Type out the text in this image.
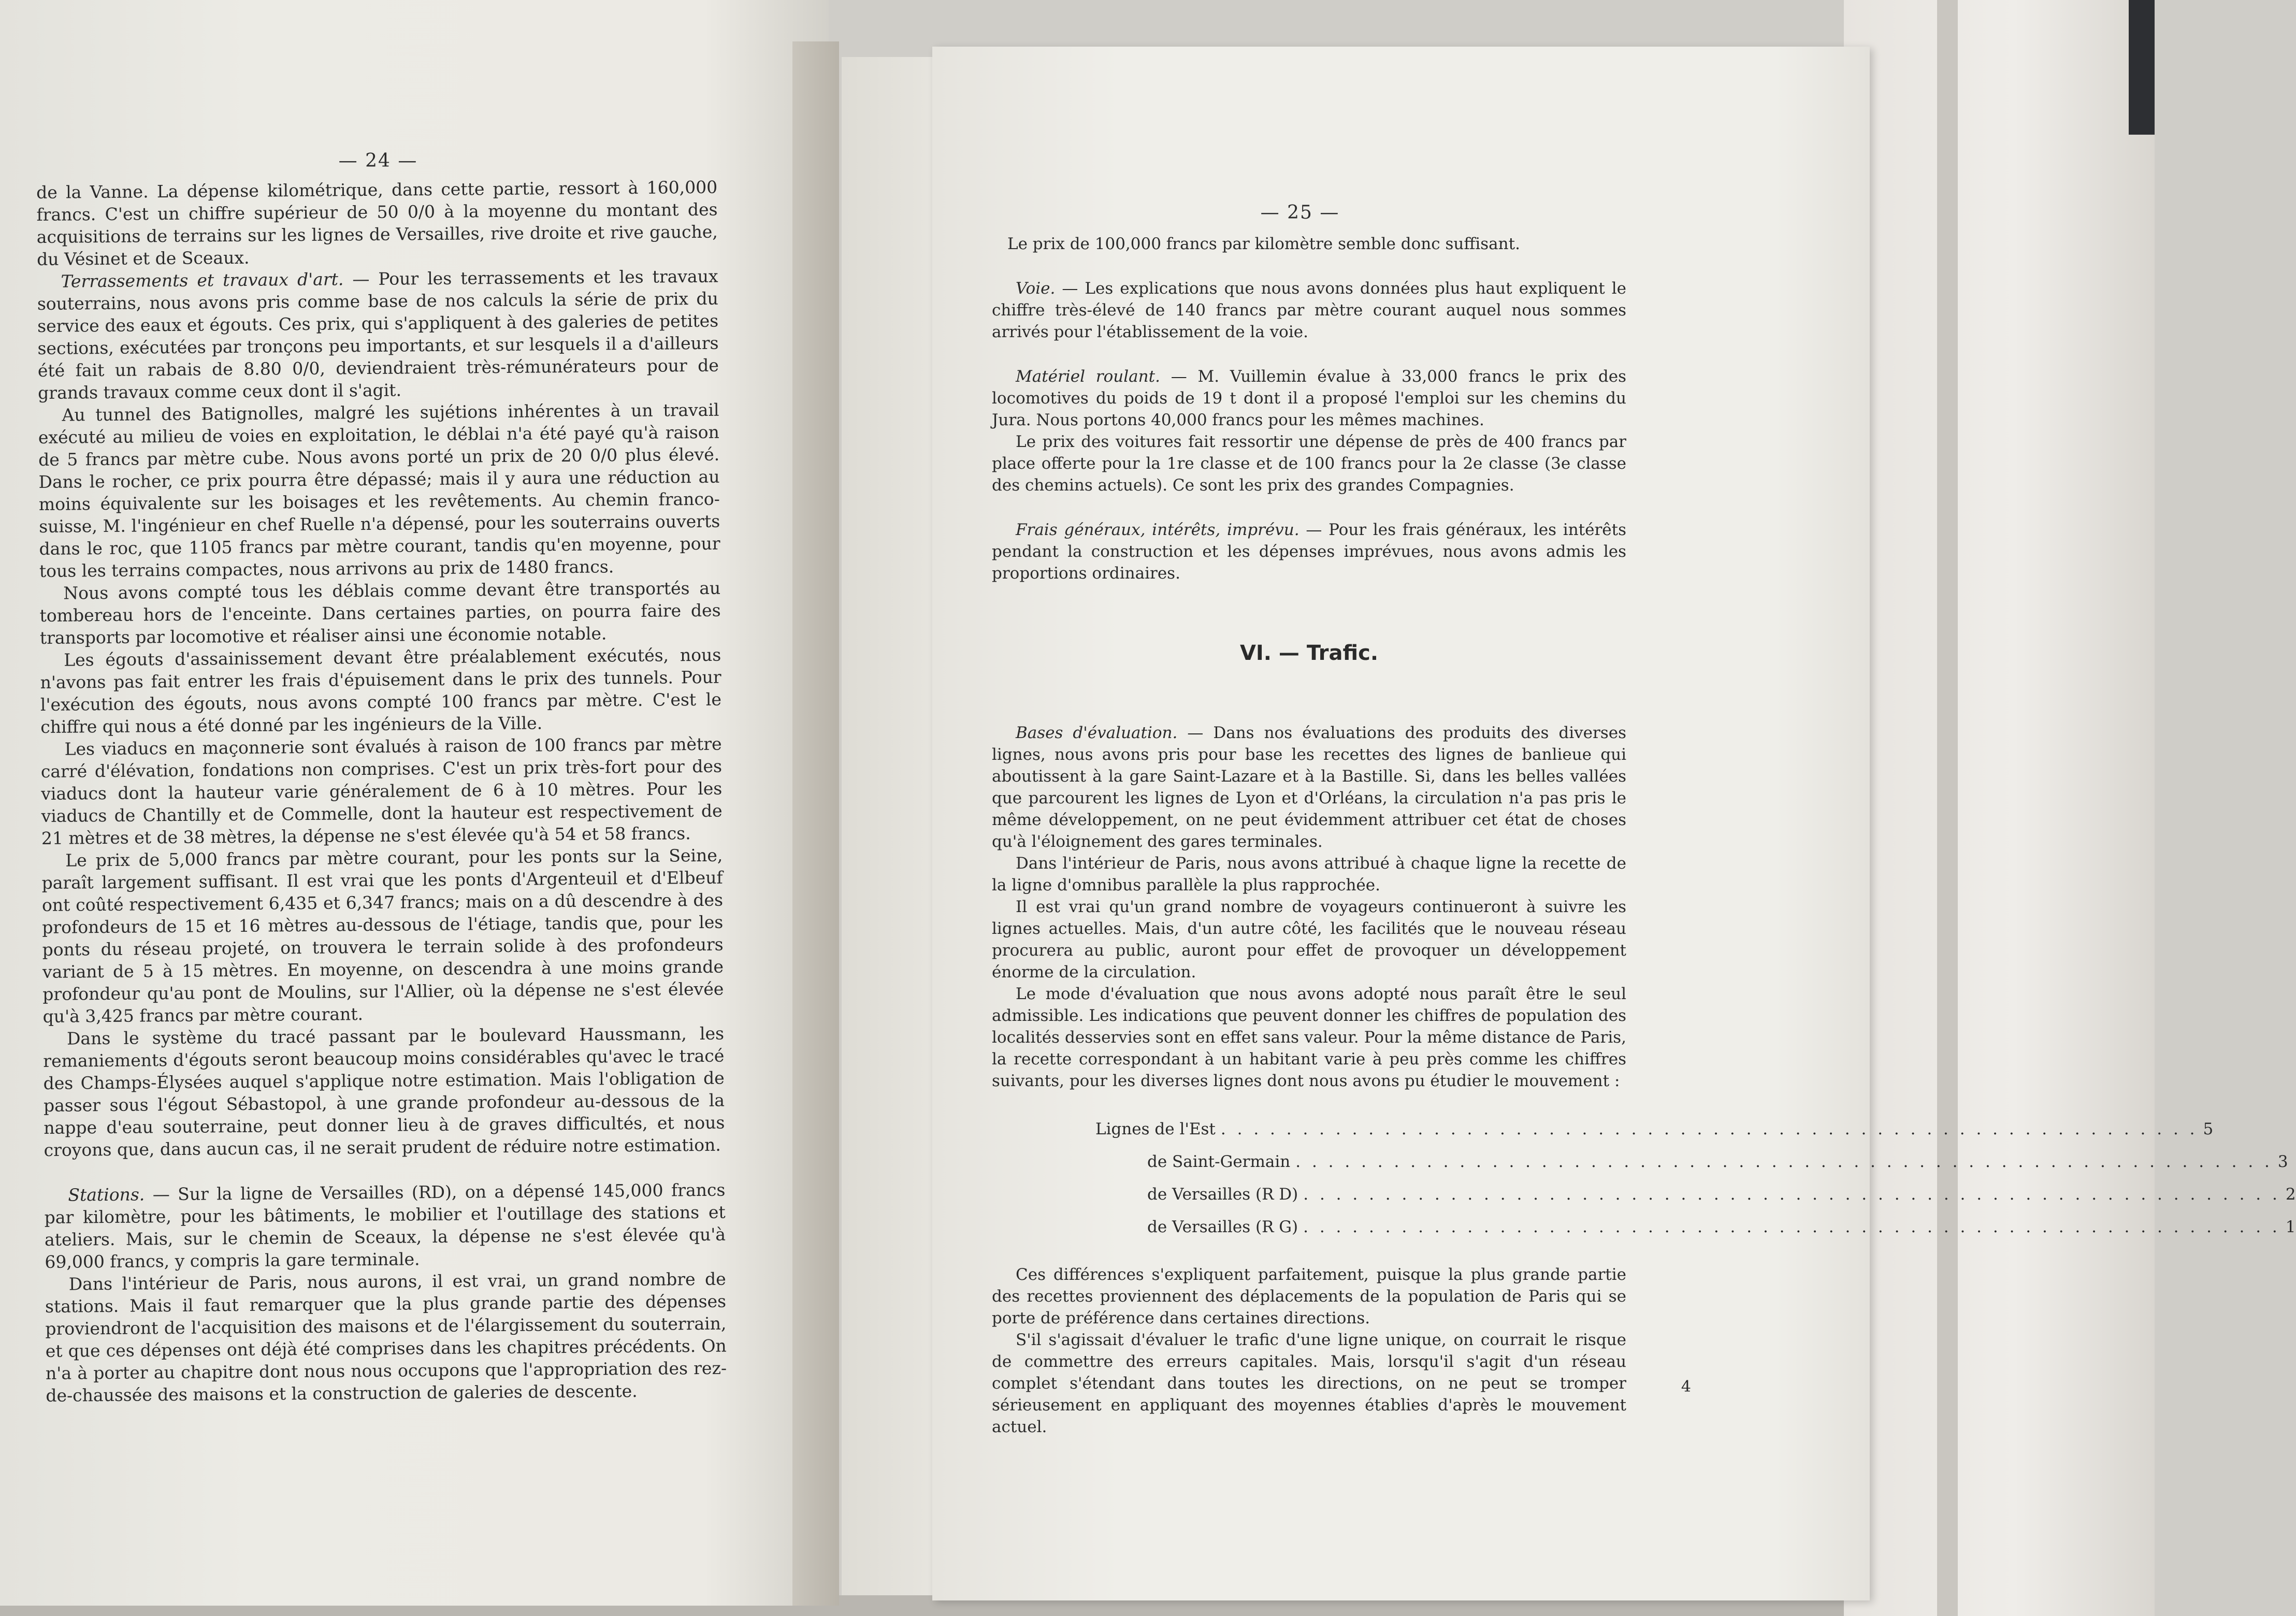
— 24 —

de la Vanne. La dépense kilométrique, dans cette partie, ressort à 160,000 francs. C'est un chiffre supérieur de 50 0/0 à la moyenne du montant des acquisitions de terrains sur les lignes de Versailles, rive droite et rive gauche, du Vésinet et de Sceaux.

Terrassements et travaux d'art. — Pour les terrassements et les travaux souterrains, nous avons pris comme base de nos calculs la série de prix du service des eaux et égouts. Ces prix, qui s'appliquent à des galeries de petites sections, exécutées par tronçons peu importants, et sur lesquels il a d'ailleurs été fait un rabais de 8.80 0/0, deviendraient très-rémunérateurs pour de grands travaux comme ceux dont il s'agit.

Au tunnel des Batignolles, malgré les sujétions inhérentes à un travail exécuté au milieu de voies en exploitation, le déblai n'a été payé qu'à raison de 5 francs par mètre cube. Nous avons porté un prix de 20 0/0 plus élevé. Dans le rocher, ce prix pourra être dépassé; mais il y aura une réduction au moins équivalente sur les boisages et les revêtements. Au chemin franco-suisse, M. l'ingénieur en chef Ruelle n'a dépensé, pour les souterrains ouverts dans le roc, que 1105 francs par mètre courant, tandis qu'en moyenne, pour tous les terrains compactes, nous arrivons au prix de 1480 francs.

Nous avons compté tous les déblais comme devant être transportés au tombereau hors de l'enceinte. Dans certaines parties, on pourra faire des transports par locomotive et réaliser ainsi une économie notable.

Les égouts d'assainissement devant être préalablement exécutés, nous n'avons pas fait entrer les frais d'épuisement dans le prix des tunnels. Pour l'exécution des égouts, nous avons compté 100 francs par mètre. C'est le chiffre qui nous a été donné par les ingénieurs de la Ville.

Les viaducs en maçonnerie sont évalués à raison de 100 francs par mètre carré d'élévation, fondations non comprises. C'est un prix très-fort pour des viaducs dont la hauteur varie généralement de 6 à 10 mètres. Pour les viaducs de Chantilly et de Commelle, dont la hauteur est respectivement de 21 mètres et de 38 mètres, la dépense ne s'est élevée qu'à 54 et 58 francs.

Le prix de 5,000 francs par mètre courant, pour les ponts sur la Seine, paraît largement suffisant. Il est vrai que les ponts d'Argenteuil et d'Elbeuf ont coûté respectivement 6,435 et 6,347 francs; mais on a dû descendre à des profondeurs de 15 et 16 mètres au-dessous de l'étiage, tandis que, pour les ponts du réseau projeté, on trouvera le terrain solide à des profondeurs variant de 5 à 15 mètres. En moyenne, on descendra à une moins grande profondeur qu'au pont de Moulins, sur l'Allier, où la dépense ne s'est élevée qu'à 3,425 francs par mètre courant.

Dans le système du tracé passant par le boulevard Haussmann, les remaniements d'égouts seront beaucoup moins considérables qu'avec le tracé des Champs-Élysées auquel s'applique notre estimation. Mais l'obligation de passer sous l'égout Sébastopol, à une grande profondeur au-dessous de la nappe d'eau souterraine, peut donner lieu à de graves difficultés, et nous croyons que, dans aucun cas, il ne serait prudent de réduire notre estimation.

Stations. — Sur la ligne de Versailles (RD), on a dépensé 145,000 francs par kilomètre, pour les bâtiments, le mobilier et l'outillage des stations et ateliers. Mais, sur le chemin de Sceaux, la dépense ne s'est élevée qu'à 69,000 francs, y compris la gare terminale.

Dans l'intérieur de Paris, nous aurons, il est vrai, un grand nombre de stations. Mais il faut remarquer que la plus grande partie des dépenses proviendront de l'acquisition des maisons et de l'élargissement du souterrain, et que ces dépenses ont déjà été comprises dans les chapitres précédents. On n'a à porter au chapitre dont nous nous occupons que l'appropriation des rez-de-chaussée des maisons et la construction de galeries de descente.

— 25 —

Le prix de 100,000 francs par kilomètre semble donc suffisant.

Voie. — Les explications que nous avons données plus haut expliquent le chiffre très-élevé de 140 francs par mètre courant auquel nous sommes arrivés pour l'établissement de la voie.

Matériel roulant. — M. Vuillemin évalue à 33,000 francs le prix des locomotives du poids de 19 t dont il a proposé l'emploi sur les chemins du Jura. Nous portons 40,000 francs pour les mêmes machines.

Le prix des voitures fait ressortir une dépense de près de 400 francs par place offerte pour la 1re classe et de 100 francs pour la 2e classe (3e classe des chemins actuels). Ce sont les prix des grandes Compagnies.

Frais généraux, intérêts, imprévu. — Pour les frais généraux, les intérêts pendant la construction et les dépenses imprévues, nous avons admis les proportions ordinaires.

VI. — Trafic.

Bases d'évaluation. — Dans nos évaluations des produits des diverses lignes, nous avons pris pour base les recettes des lignes de banlieue qui aboutissent à la gare Saint-Lazare et à la Bastille. Si, dans les belles vallées que parcourent les lignes de Lyon et d'Orléans, la circulation n'a pas pris le même développement, on ne peut évidemment attribuer cet état de choses qu'à l'éloignement des gares terminales.

Dans l'intérieur de Paris, nous avons attribué à chaque ligne la recette de la ligne d'omnibus parallèle la plus rapprochée.

Il est vrai qu'un grand nombre de voyageurs continueront à suivre les lignes actuelles. Mais, d'un autre côté, les facilités que le nouveau réseau procurera au public, auront pour effet de provoquer un développement énorme de la circulation.

Le mode d'évaluation que nous avons adopté nous paraît être le seul admissible. Les indications que peuvent donner les chiffres de population des localités desservies sont en effet sans valeur. Pour la même distance de Paris, la recette correspondant à un habitant varie à peu près comme les chiffres suivants, pour les diverses lignes dont nous avons pu étudier le mouvement :

Lignes de l'Est . . . . . . . . . . . . . . . . . . . . . . . . . . . . . . . . . . . . . . . . . . . . . . . . . . . . . . . . . . . . 5
de Saint-Germain . . . . . . . . . . . . . . . . . . . . . . . . . . . . . . . . . . . . . . . . . . . . . . . . . . . . . . . . . . . . 3
de Versailles (R D) . . . . . . . . . . . . . . . . . . . . . . . . . . . . . . . . . . . . . . . . . . . . . . . . . . . . . . . . . . . . 2
de Versailles (R G) . . . . . . . . . . . . . . . . . . . . . . . . . . . . . . . . . . . . . . . . . . . . . . . . . . . . . . . . . . . . 1

Ces différences s'expliquent parfaitement, puisque la plus grande partie des recettes proviennent des déplacements de la population de Paris qui se porte de préférence dans certaines directions.

S'il s'agissait d'évaluer le trafic d'une ligne unique, on courrait le risque de commettre des erreurs capitales. Mais, lorsqu'il s'agit d'un réseau complet s'étendant dans toutes les directions, on ne peut se tromper sérieusement en appliquant des moyennes établies d'après le mouvement actuel.

4
